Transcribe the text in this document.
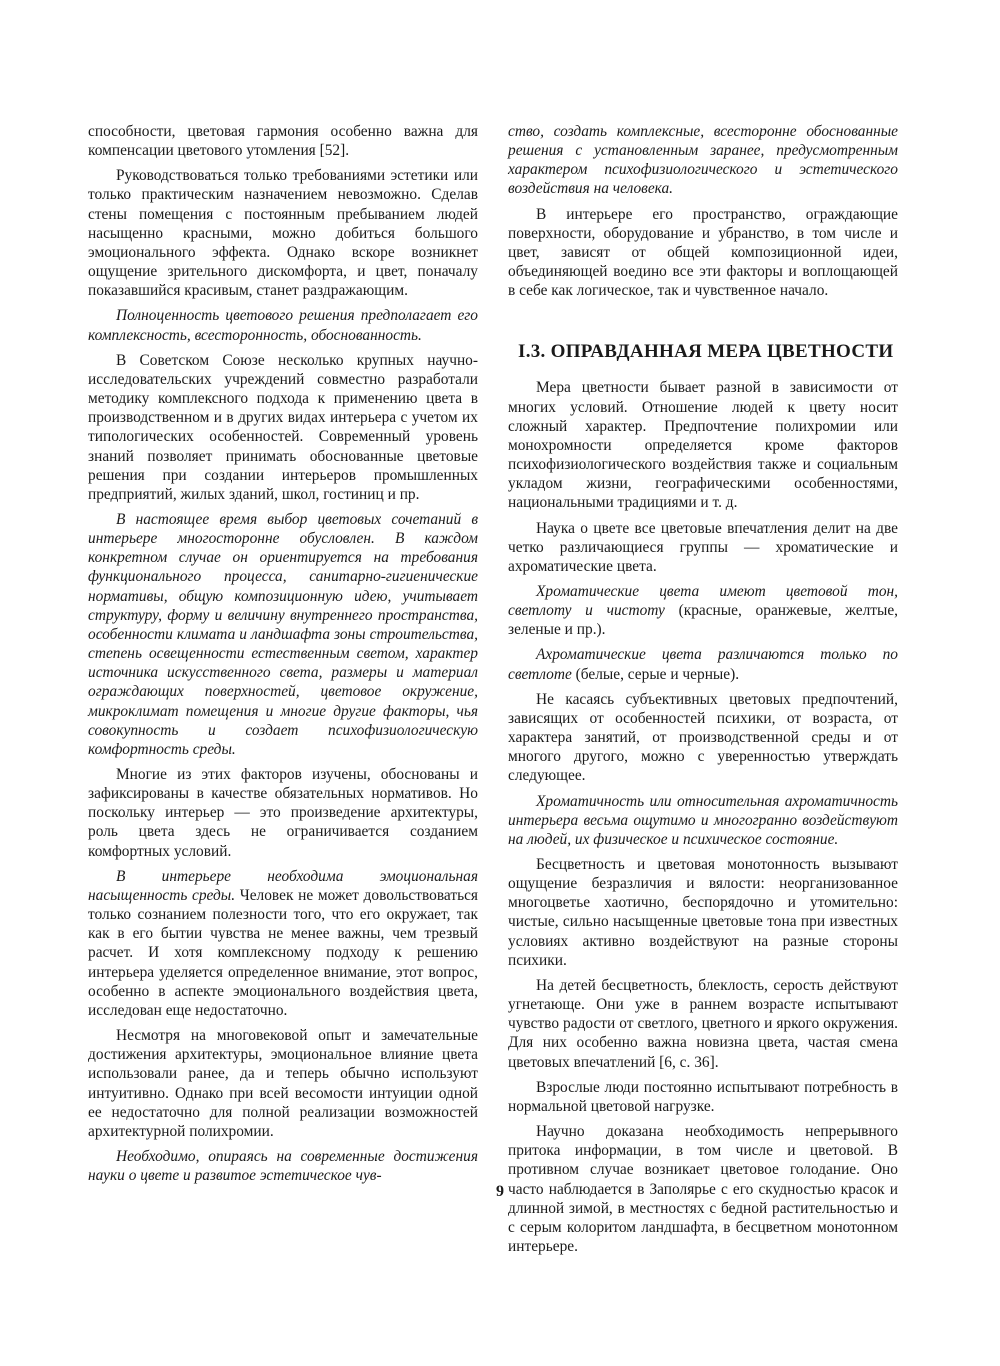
способности, цветовая гармония особенно важна для компенсации цветового утомления [52].

Руководствоваться только требованиями эстетики или только практическим назначением невозможно. Сделав стены помещения с постоянным пребыванием людей насыщенно красными, можно добиться большого эмоционального эффекта. Однако вскоре возникнет ощущение зрительного дискомфорта, и цвет, поначалу показавшийся красивым, станет раздражающим.

Полноценность цветового решения предполагает его комплексность, всесторонность, обоснованность.

В Советском Союзе несколько крупных научно-исследовательских учреждений совместно разработали методику комплексного подхода к применению цвета в производственном и в других видах интерьера с учетом их типологических особенностей. Современный уровень знаний позволяет принимать обоснованные цветовые решения при создании интерьеров промышленных предприятий, жилых зданий, школ, гостиниц и пр.

В настоящее время выбор цветовых сочетаний в интерьере многосторонне обусловлен. В каждом конкретном случае он ориентируется на требования функционального процесса, санитарно-гигиенические нормативы, общую композиционную идею, учитывает структуру, форму и величину внутреннего пространства, особенности климата и ландшафта зоны строительства, степень освещенности естественным светом, характер источника искусственного света, размеры и материал ограждающих поверхностей, цветовое окружение, микроклимат помещения и многие другие факторы, чья совокупность и создает психофизиологическую комфортность среды.

Многие из этих факторов изучены, обоснованы и зафиксированы в качестве обязательных нормативов. Но поскольку интерьер — это произведение архитектуры, роль цвета здесь не ограничивается созданием комфортных условий.

В интерьере необходима эмоциональная насыщенность среды. Человек не может довольствоваться только сознанием полезности того, что его окружает, так как в его бытии чувства не менее важны, чем трезвый расчет. И хотя комплексному подходу к решению интерьера уделяется определенное внимание, этот вопрос, особенно в аспекте эмоционального воздействия цвета, исследован еще недостаточно.

Несмотря на многовековой опыт и замечательные достижения архитектуры, эмоциональное влияние цвета использовали ранее, да и теперь обычно используют интуитивно. Однако при всей весомости интуиции одной ее недостаточно для полной реализации возможностей архитектурной полихромии.

Необходимо, опираясь на современные достижения науки о цвете и развитое эстетическое чув-

ство, создать комплексные, всесторонне обоснованные решения с установленным заранее, предусмотренным характером психофизиологического и эстетического воздействия на человека.

В интерьере его пространство, ограждающие поверхности, оборудование и убранство, в том числе и цвет, зависят от общей композиционной идеи, объединяющей воедино все эти факторы и воплощающей в себе как логическое, так и чувственное начало.

I.3. ОПРАВДАННАЯ МЕРА ЦВЕТНОСТИ

Мера цветности бывает разной в зависимости от многих условий. Отношение людей к цвету носит сложный характер. Предпочтение полихромии или монохромности определяется кроме факторов психофизиологического воздействия также и социальным укладом жизни, географическими особенностями, национальными традициями и т. д.

Наука о цвете все цветовые впечатления делит на две четко различающиеся группы — хроматические и ахроматические цвета.

Хроматические цвета имеют цветовой тон, светлоту и чистоту (красные, оранжевые, желтые, зеленые и пр.).

Ахроматические цвета различаются только по светлоте (белые, серые и черные).

Не касаясь субъективных цветовых предпочтений, зависящих от особенностей психики, от возраста, от характера занятий, от производственной среды и от многого другого, можно с уверенностью утверждать следующее.

Хроматичность или относительная ахроматичность интерьера весьма ощутимо и многогранно воздействуют на людей, их физическое и психическое состояние.

Бесцветность и цветовая монотонность вызывают ощущение безразличия и вялости: неорганизованное многоцветье хаотично, беспорядочно и утомительно: чистые, сильно насыщенные цветовые тона при известных условиях активно воздействуют на разные стороны психики.

На детей бесцветность, блеклость, серость действуют угнетающе. Они уже в раннем возрасте испытывают чувство радости от светлого, цветного и яркого окружения. Для них особенно важна новизна цвета, частая смена цветовых впечатлений [6, с. 36].

Взрослые люди постоянно испытывают потребность в нормальной цветовой нагрузке.

Научно доказана необходимость непрерывного притока информации, в том числе и цветовой. В противном случае возникает цветовое голодание. Оно часто наблюдается в Заполярье с его скудностью красок и длинной зимой, в местностях с бедной растительностью и с серым колоритом ландшафта, в бесцветном монотонном интерьере.

9
